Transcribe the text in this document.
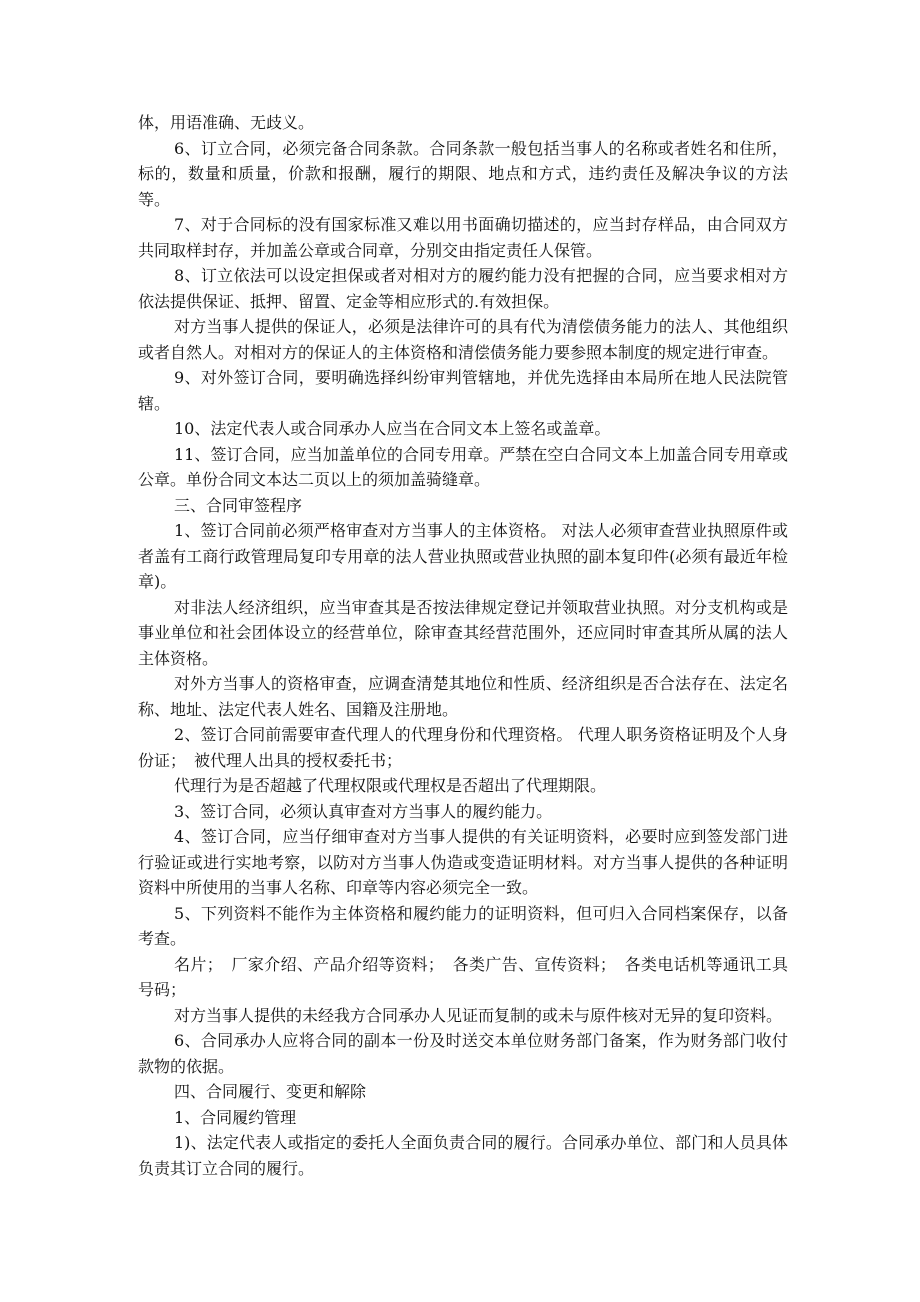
体，用语准确、无歧义。

6、订立合同，必须完备合同条款。合同条款一般包括当事人的名称或者姓名和住所，标的，数量和质量，价款和报酬，履行的期限、地点和方式，违约责任及解决争议的方法等。

7、对于合同标的没有国家标准又难以用书面确切描述的，应当封存样品，由合同双方共同取样封存，并加盖公章或合同章，分别交由指定责任人保管。

8、订立依法可以设定担保或者对相对方的履约能力没有把握的合同，应当要求相对方依法提供保证、抵押、留置、定金等相应形式的.有效担保。

对方当事人提供的保证人，必须是法律许可的具有代为清偿债务能力的法人、其他组织或者自然人。对相对方的保证人的主体资格和清偿债务能力要参照本制度的规定进行审查。

9、对外签订合同，要明确选择纠纷审判管辖地，并优先选择由本局所在地人民法院管辖。

10、法定代表人或合同承办人应当在合同文本上签名或盖章。

11、签订合同，应当加盖单位的合同专用章。严禁在空白合同文本上加盖合同专用章或公章。单份合同文本达二页以上的须加盖骑缝章。

三、合同审签程序

1、签订合同前必须严格审查对方当事人的主体资格。 对法人必须审查营业执照原件或者盖有工商行政管理局复印专用章的法人营业执照或营业执照的副本复印件(必须有最近年检章)。

对非法人经济组织，应当审查其是否按法律规定登记并领取营业执照。对分支机构或是事业单位和社会团体设立的经营单位，除审查其经营范围外，还应同时审查其所从属的法人主体资格。

对外方当事人的资格审查，应调查清楚其地位和性质、经济组织是否合法存在、法定名称、地址、法定代表人姓名、国籍及注册地。

2、签订合同前需要审查代理人的代理身份和代理资格。 代理人职务资格证明及个人身份证；　被代理人出具的授权委托书；

代理行为是否超越了代理权限或代理权是否超出了代理期限。

3、签订合同，必须认真审查对方当事人的履约能力。

4、签订合同，应当仔细审查对方当事人提供的有关证明资料，必要时应到签发部门进行验证或进行实地考察，以防对方当事人伪造或变造证明材料。对方当事人提供的各种证明资料中所使用的当事人名称、印章等内容必须完全一致。

5、下列资料不能作为主体资格和履约能力的证明资料，但可归入合同档案保存，以备考查。

名片；　厂家介绍、产品介绍等资料；　各类广告、宣传资料；　各类电话机等通讯工具号码；

对方当事人提供的未经我方合同承办人见证而复制的或未与原件核对无异的复印资料。

6、合同承办人应将合同的副本一份及时送交本单位财务部门备案，作为财务部门收付款物的依据。

四、合同履行、变更和解除

1、合同履约管理

1)、法定代表人或指定的委托人全面负责合同的履行。合同承办单位、部门和人员具体负责其订立合同的履行。
